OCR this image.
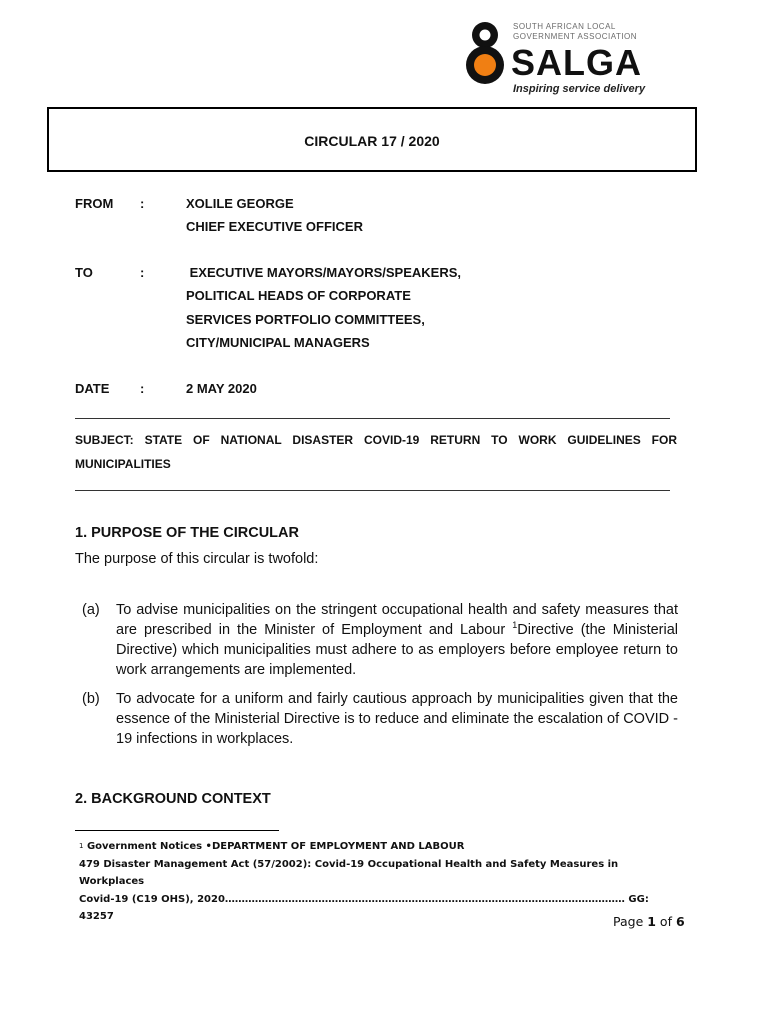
SOUTH AFRICAN LOCAL
GOVERNMENT ASSOCIATION
SALGA
Inspiring service delivery
CIRCULAR 17 / 2020
FROM :	XOLILE GEORGE
CHIEF EXECUTIVE OFFICER
TO	:	EXECUTIVE MAYORS/MAYORS/SPEAKERS,
POLITICAL HEADS OF CORPORATE
SERVICES PORTFOLIO COMMITTEES,
CITY/MUNICIPAL MANAGERS
DATE :	2 MAY 2020
SUBJECT: STATE OF NATIONAL DISASTER COVID-19 RETURN TO WORK GUIDELINES FOR MUNICIPALITIES
1. PURPOSE OF THE CIRCULAR
The purpose of this circular is twofold:
(a) To advise municipalities on the stringent occupational health and safety measures that are prescribed in the Minister of Employment and Labour $^1$Directive (the Ministerial Directive) which municipalities must adhere to as employers before employee return to work arrangements are implemented.
(b) To advocate for a uniform and fairly cautious approach by municipalities given that the essence of the Ministerial Directive is to reduce and eliminate the escalation of COVID - 19 infections in workplaces.
2. BACKGROUND CONTEXT
$^1$ Government Notices •DEPARTMENT OF EMPLOYMENT AND LABOUR
479 Disaster Management Act (57/2002): Covid-19 Occupational Health and Safety Measures in Workplaces
Covid-19 (C19 OHS), 2020………………………………………………………………………………………………………… GG:
43257	Page 1 of 6
